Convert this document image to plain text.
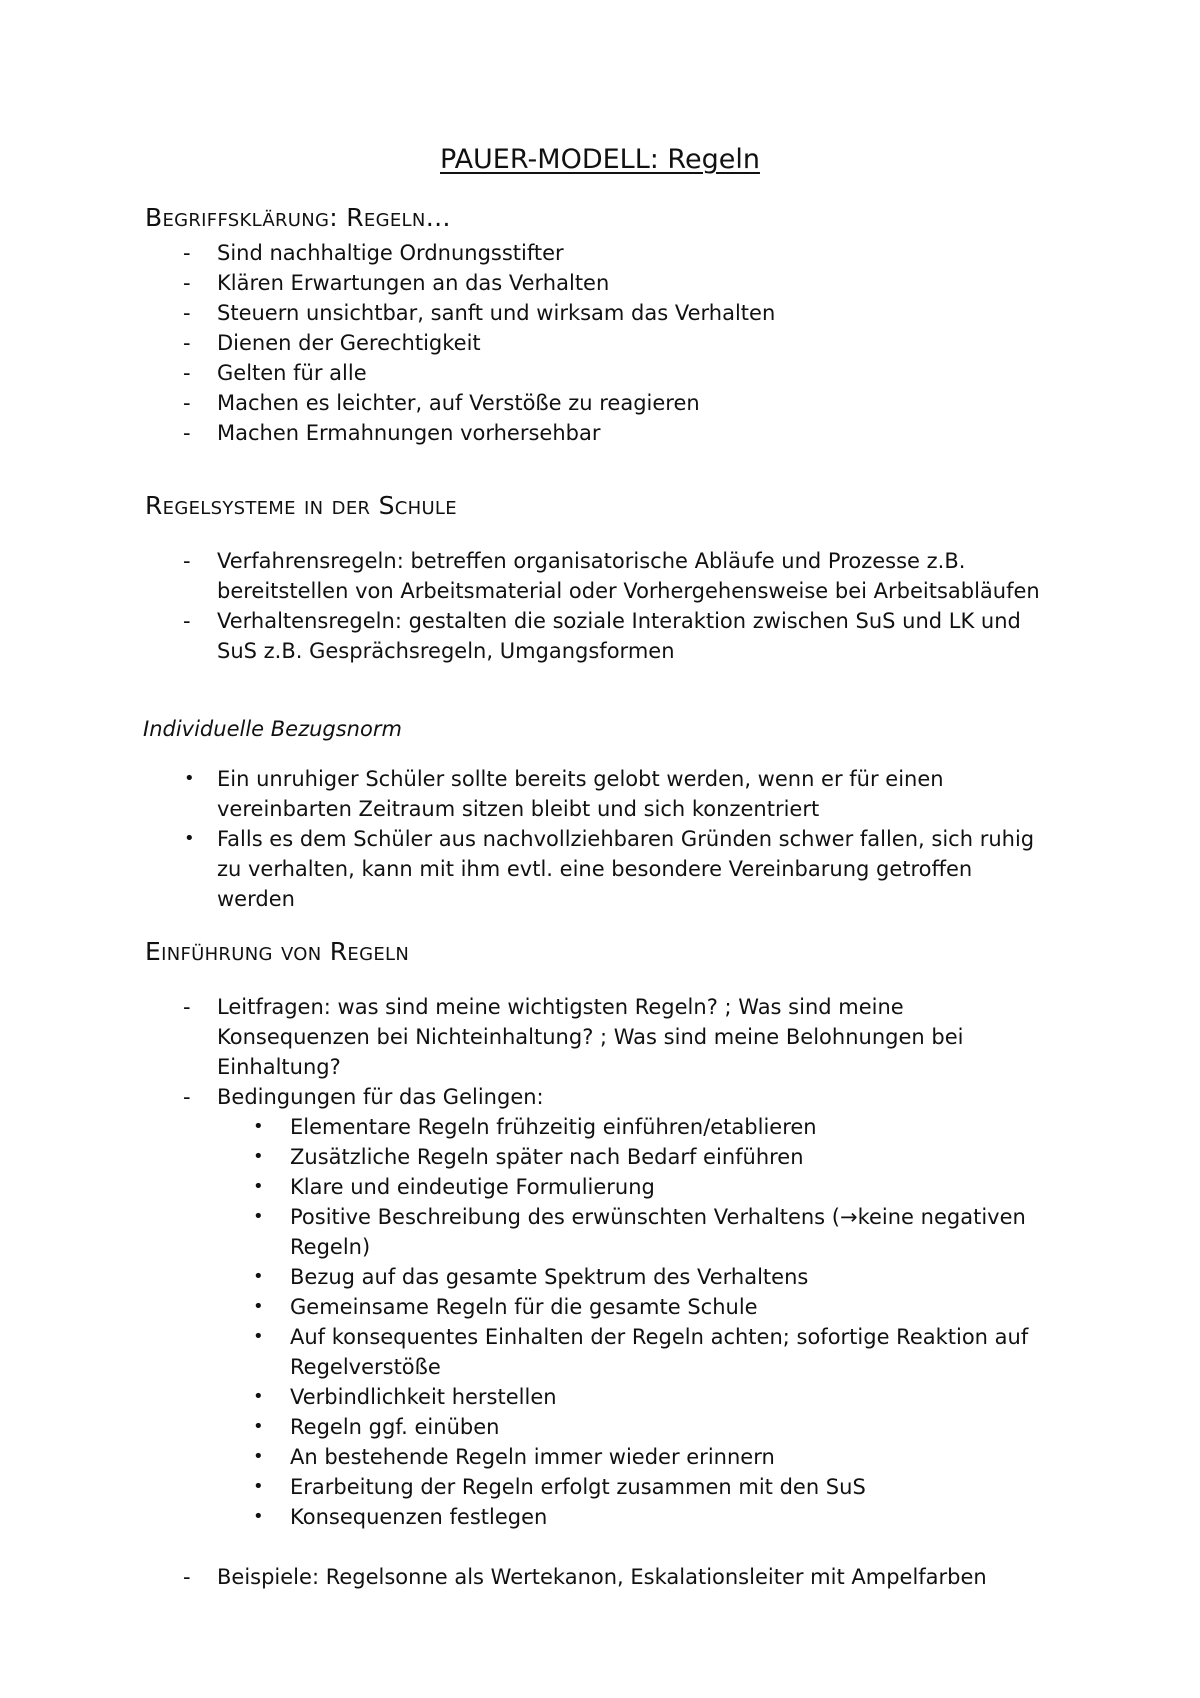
PAUER-MODELL: Regeln
Begriffsklärung: Regeln…
- Sind nachhaltige Ordnungsstifter
- Klären Erwartungen an das Verhalten
- Steuern unsichtbar, sanft und wirksam das Verhalten
- Dienen der Gerechtigkeit
- Gelten für alle
- Machen es leichter, auf Verstöße zu reagieren
- Machen Ermahnungen vorhersehbar
Regelsysteme in der Schule
- Verfahrensregeln: betreffen organisatorische Abläufe und Prozesse z.B. bereitstellen von Arbeitsmaterial oder Vorhergehensweise bei Arbeitsabläufen
- Verhaltensregeln: gestalten die soziale Interaktion zwischen SuS und LK und SuS z.B. Gesprächsregeln, Umgangsformen
Individuelle Bezugsnorm
• Ein unruhiger Schüler sollte bereits gelobt werden, wenn er für einen vereinbarten Zeitraum sitzen bleibt und sich konzentriert
• Falls es dem Schüler aus nachvollziehbaren Gründen schwer fallen, sich ruhig zu verhalten, kann mit ihm evtl. eine besondere Vereinbarung getroffen werden
Einführung von Regeln
- Leitfragen: was sind meine wichtigsten Regeln? ; Was sind meine Konsequenzen bei Nichteinhaltung? ; Was sind meine Belohnungen bei Einhaltung?
- Bedingungen für das Gelingen:
• Elementare Regeln frühzeitig einführen/etablieren
• Zusätzliche Regeln später nach Bedarf einführen
• Klare und eindeutige Formulierung
• Positive Beschreibung des erwünschten Verhaltens (→keine negativen Regeln)
• Bezug auf das gesamte Spektrum des Verhaltens
• Gemeinsame Regeln für die gesamte Schule
• Auf konsequentes Einhalten der Regeln achten; sofortige Reaktion auf Regelverstöße
• Verbindlichkeit herstellen
• Regeln ggf. einüben
• An bestehende Regeln immer wieder erinnern
• Erarbeitung der Regeln erfolgt zusammen mit den SuS
• Konsequenzen festlegen
- Beispiele: Regelsonne als Wertekanon, Eskalationsleiter mit Ampelfarben
